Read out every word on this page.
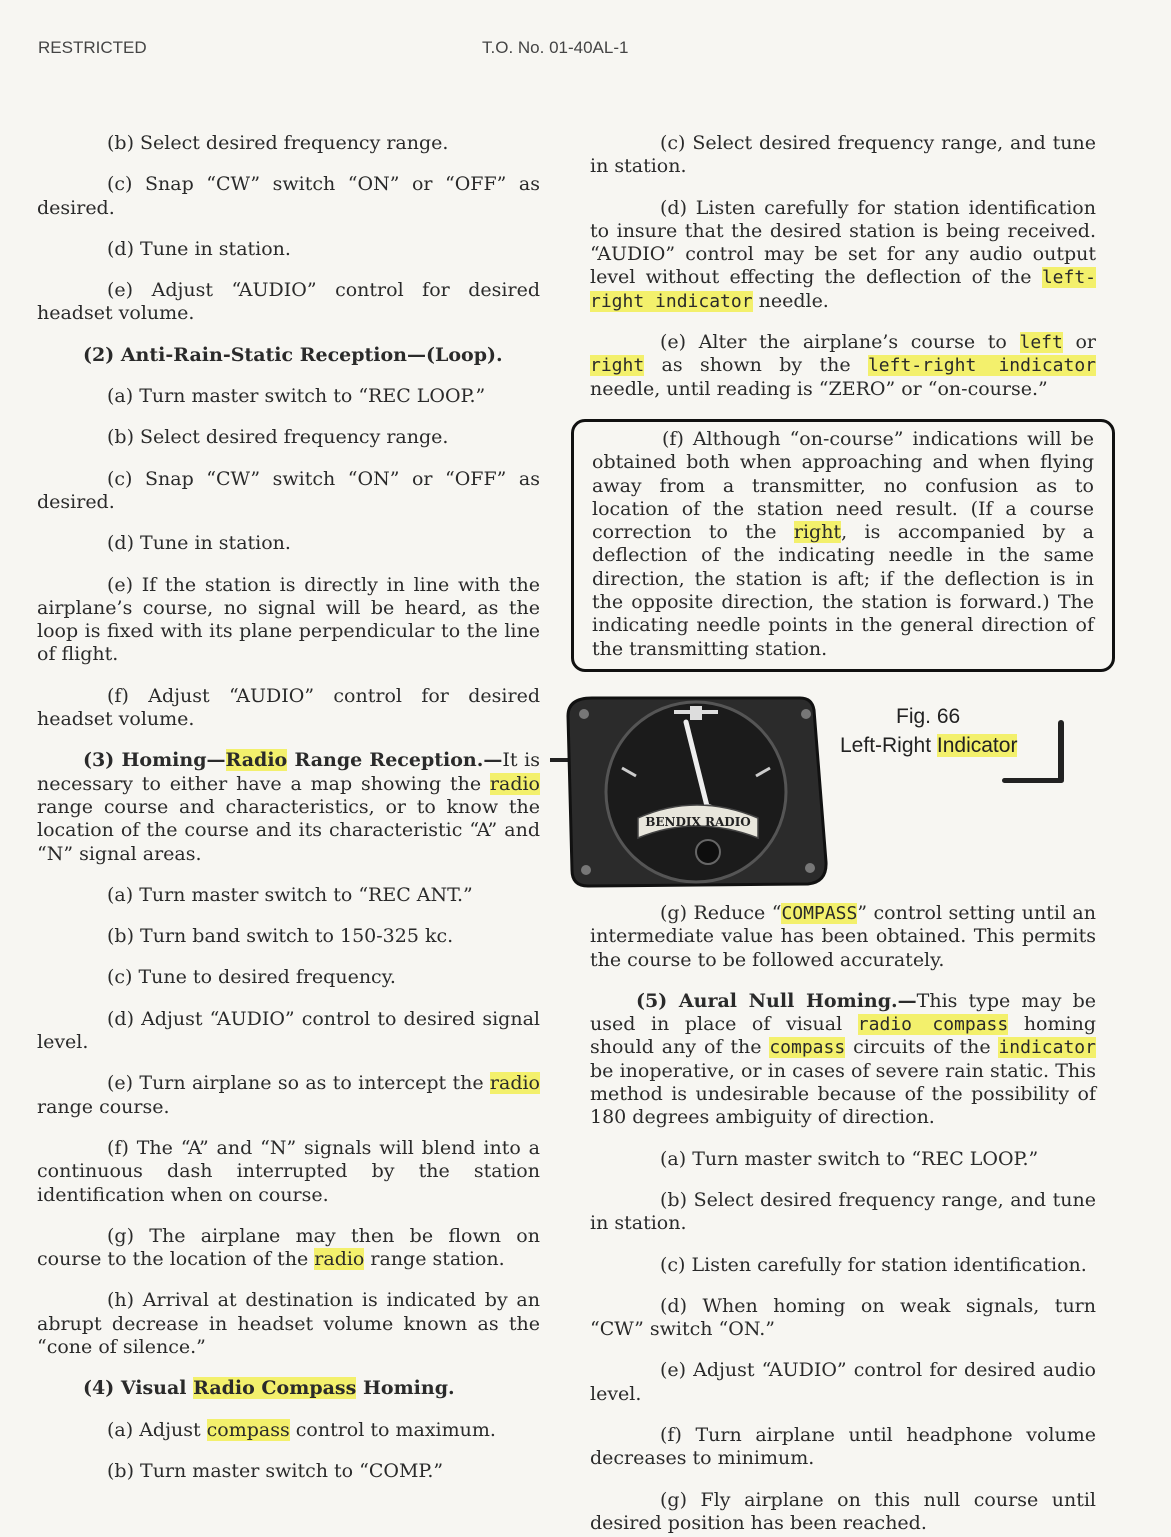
RESTRICTED	T.O. No. 01-40AL-1
(b) Select desired frequency range.
(c) Snap “CW” switch “ON” or “OFF” as desired.
(d) Tune in station.
(e) Adjust “AUDIO” control for desired headset volume.
(2) Anti-Rain-Static Reception—(Loop).
(a) Turn master switch to “REC LOOP.”
(b) Select desired frequency range.
(c) Snap “CW” switch “ON” or “OFF” as desired.
(d) Tune in station.
(e) If the station is directly in line with the airplane’s course, no signal will be heard, as the loop is fixed with its plane perpendicular to the line of flight.
(f) Adjust “AUDIO” control for desired headset volume.
(3) Homing—Radio Range Reception.—It is necessary to either have a map showing the radio range course and characteristics, or to know the location of the course and its characteristic “A” and “N” signal areas.
(a) Turn master switch to “REC ANT.”
(b) Turn band switch to 150-325 kc.
(c) Tune to desired frequency.
(d) Adjust “AUDIO” control to desired signal level.
(e) Turn airplane so as to intercept the radio range course.
(f) The “A” and “N” signals will blend into a continuous dash interrupted by the station identification when on course.
(g) The airplane may then be flown on course to the location of the radio range station.
(h) Arrival at destination is indicated by an abrupt decrease in headset volume known as the “cone of silence.”
(4) Visual Radio Compass Homing.
(a) Adjust compass control to maximum.
(b) Turn master switch to “COMP.”
(c) Select desired frequency range, and tune in station.
(d) Listen carefully for station identification to insure that the desired station is being received. “AUDIO” control may be set for any audio output level without effecting the deflection of the left-right indicator needle.
(e) Alter the airplane’s course to left or right as shown by the left-right indicator needle, until reading is “ZERO” or “on-course.”
(f) Although “on-course” indications will be obtained both when approaching and when flying away from a transmitter, no confusion as to location of the station need result. (If a course correction to the right, is accompanied by a deflection of the indicating needle in the same direction, the station is aft; if the deflection is in the opposite direction, the station is forward.) The indicating needle points in the general direction of the transmitting station.
BENDIX RADIO
Fig. 66
Left-Right Indicator
(g) Reduce “COMPASS” control setting until an intermediate value has been obtained. This permits the course to be followed accurately.
(5) Aural Null Homing.—This type may be used in place of visual radio compass homing should any of the compass circuits of the indicator be inoperative, or in cases of severe rain static. This method is undesirable because of the possibility of 180 degrees ambiguity of direction.
(a) Turn master switch to “REC LOOP.”
(b) Select desired frequency range, and tune in station.
(c) Listen carefully for station identification.
(d) When homing on weak signals, turn “CW” switch “ON.”
(e) Adjust “AUDIO” control for desired audio level.
(f) Turn airplane until headphone volume decreases to minimum.
(g) Fly airplane on this null course until desired position has been reached.
